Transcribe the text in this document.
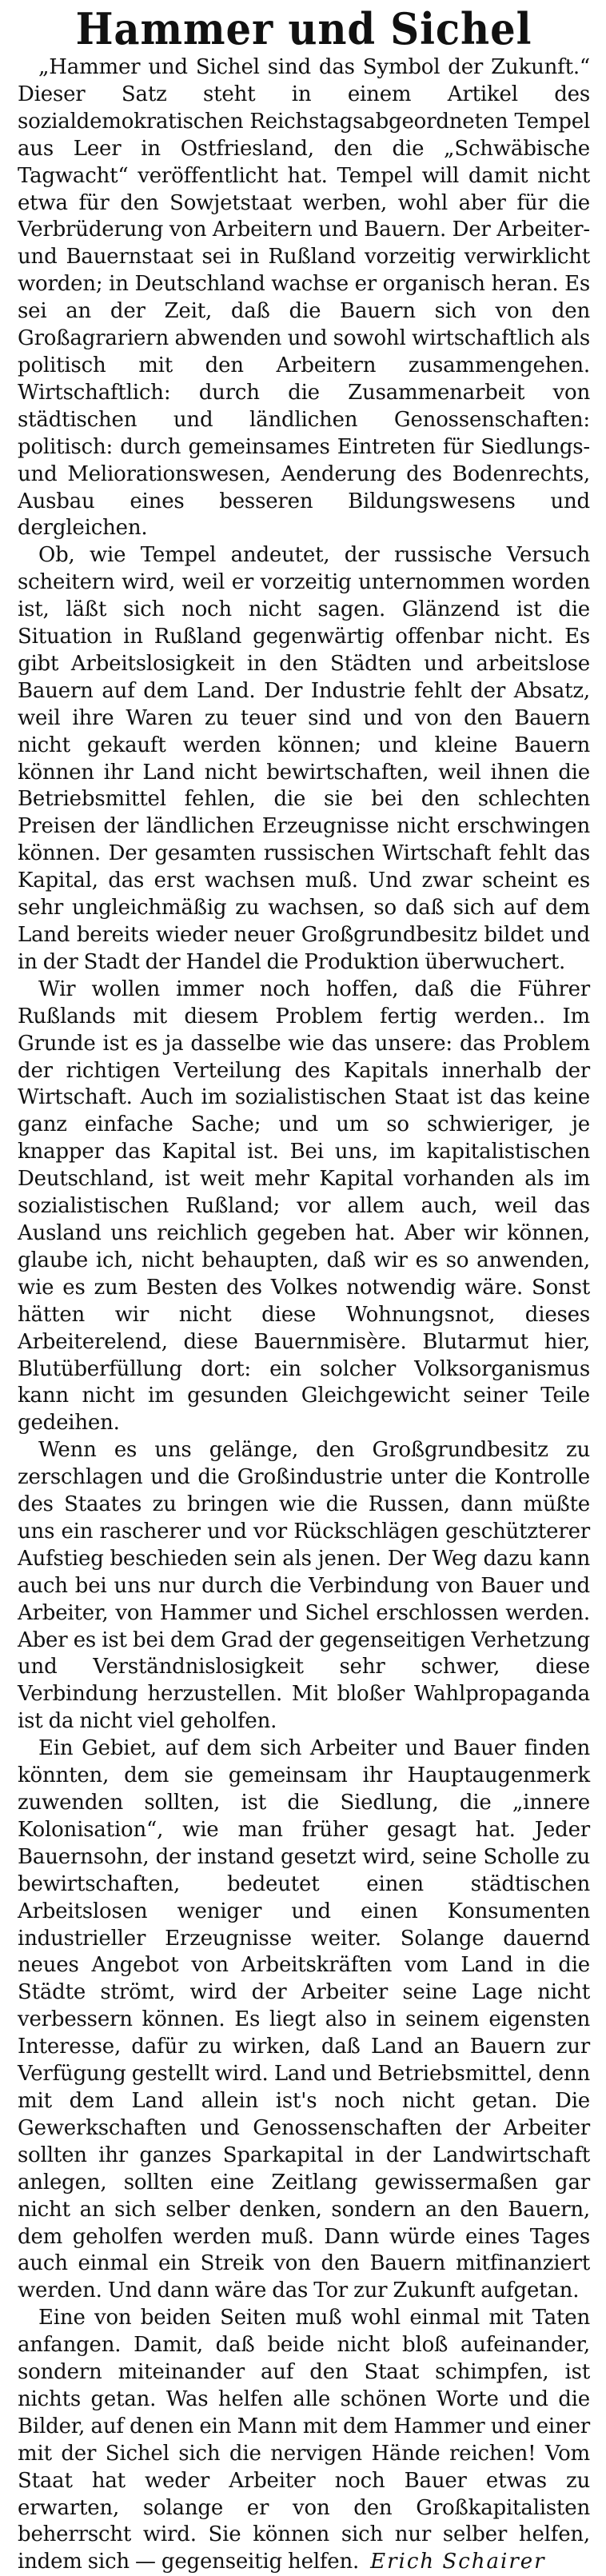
Hammer und Sichel

„Hammer und Sichel sind das Symbol der Zukunft.“ Dieser Satz steht in einem Artikel des sozialdemokratischen Reichstagsabgeordneten Tempel aus Leer in Ostfriesland, den die „Schwäbische Tagwacht“ veröffentlicht hat. Tempel will damit nicht etwa für den Sowjetstaat werben, wohl aber für die Verbrüderung von Arbeitern und Bauern. Der Arbeiter- und Bauernstaat sei in Rußland vorzeitig verwirklicht worden; in Deutschland wachse er organisch heran. Es sei an der Zeit, daß die Bauern sich von den Großagrariern abwenden und sowohl wirtschaftlich als politisch mit den Arbeitern zusammengehen. Wirtschaftlich: durch die Zusammenarbeit von städtischen und ländlichen Genossenschaften: politisch: durch gemeinsames Eintreten für Siedlungs- und Meliorationswesen, Aenderung des Bodenrechts, Ausbau eines besseren Bildungswesens und dergleichen.

Ob, wie Tempel andeutet, der russische Versuch scheitern wird, weil er vorzeitig unternommen worden ist, läßt sich noch nicht sagen. Glänzend ist die Situation in Rußland gegenwärtig offenbar nicht. Es gibt Arbeitslosigkeit in den Städten und arbeitslose Bauern auf dem Land. Der Industrie fehlt der Absatz, weil ihre Waren zu teuer sind und von den Bauern nicht gekauft werden können; und kleine Bauern können ihr Land nicht bewirtschaften, weil ihnen die Betriebsmittel fehlen, die sie bei den schlechten Preisen der ländlichen Erzeugnisse nicht erschwingen können. Der gesamten russischen Wirtschaft fehlt das Kapital, das erst wachsen muß. Und zwar scheint es sehr ungleichmäßig zu wachsen, so daß sich auf dem Land bereits wieder neuer Großgrundbesitz bildet und in der Stadt der Handel die Produktion überwuchert.

Wir wollen immer noch hoffen, daß die Führer Rußlands mit diesem Problem fertig werden.. Im Grunde ist es ja dasselbe wie das unsere: das Problem der richtigen Verteilung des Kapitals innerhalb der Wirtschaft. Auch im sozialistischen Staat ist das keine ganz einfache Sache; und um so schwieriger, je knapper das Kapital ist. Bei uns, im kapitalistischen Deutschland, ist weit mehr Kapital vorhanden als im sozialistischen Rußland; vor allem auch, weil das Ausland uns reichlich gegeben hat. Aber wir können, glaube ich, nicht behaupten, daß wir es so anwenden, wie es zum Besten des Volkes notwendig wäre. Sonst hätten wir nicht diese Wohnungsnot, dieses Arbeiterelend, diese Bauernmisère. Blutarmut hier, Blutüberfüllung dort: ein solcher Volksorganismus kann nicht im gesunden Gleichgewicht seiner Teile gedeihen.

Wenn es uns gelänge, den Großgrundbesitz zu zerschlagen und die Großindustrie unter die Kontrolle des Staates zu bringen wie die Russen, dann müßte uns ein rascherer und vor Rückschlägen geschützterer Aufstieg beschieden sein als jenen. Der Weg dazu kann auch bei uns nur durch die Verbindung von Bauer und Arbeiter, von Hammer und Sichel erschlossen werden. Aber es ist bei dem Grad der gegenseitigen Verhetzung und Verständnislosigkeit sehr schwer, diese Verbindung herzustellen. Mit bloßer Wahlpropaganda ist da nicht viel geholfen.

Ein Gebiet, auf dem sich Arbeiter und Bauer finden könnten, dem sie gemeinsam ihr Hauptaugenmerk zuwenden sollten, ist die Siedlung, die „innere Kolonisation“, wie man früher gesagt hat. Jeder Bauernsohn, der instand gesetzt wird, seine Scholle zu bewirtschaften, bedeutet einen städtischen Arbeitslosen weniger und einen Konsumenten industrieller Erzeugnisse weiter. Solange dauernd neues Angebot von Arbeitskräften vom Land in die Städte strömt, wird der Arbeiter seine Lage nicht verbessern können. Es liegt also in seinem eigensten Interesse, dafür zu wirken, daß Land an Bauern zur Verfügung gestellt wird. Land und Betriebsmittel, denn mit dem Land allein ist's noch nicht getan. Die Gewerkschaften und Genossenschaften der Arbeiter sollten ihr ganzes Sparkapital in der Landwirtschaft anlegen, sollten eine Zeitlang gewissermaßen gar nicht an sich selber denken, sondern an den Bauern, dem geholfen werden muß. Dann würde eines Tages auch einmal ein Streik von den Bauern mitfinanziert werden. Und dann wäre das Tor zur Zukunft aufgetan.

Eine von beiden Seiten muß wohl einmal mit Taten anfangen. Damit, daß beide nicht bloß aufeinander, sondern miteinander auf den Staat schimpfen, ist nichts getan. Was helfen alle schönen Worte und die Bilder, auf denen ein Mann mit dem Hammer und einer mit der Sichel sich die nervigen Hände reichen! Vom Staat hat weder Arbeiter noch Bauer etwas zu erwarten, solange er von den Großkapitalisten beherrscht wird. Sie können sich nur selber helfen, indem sich — gegenseitig helfen. Erich Schairer
